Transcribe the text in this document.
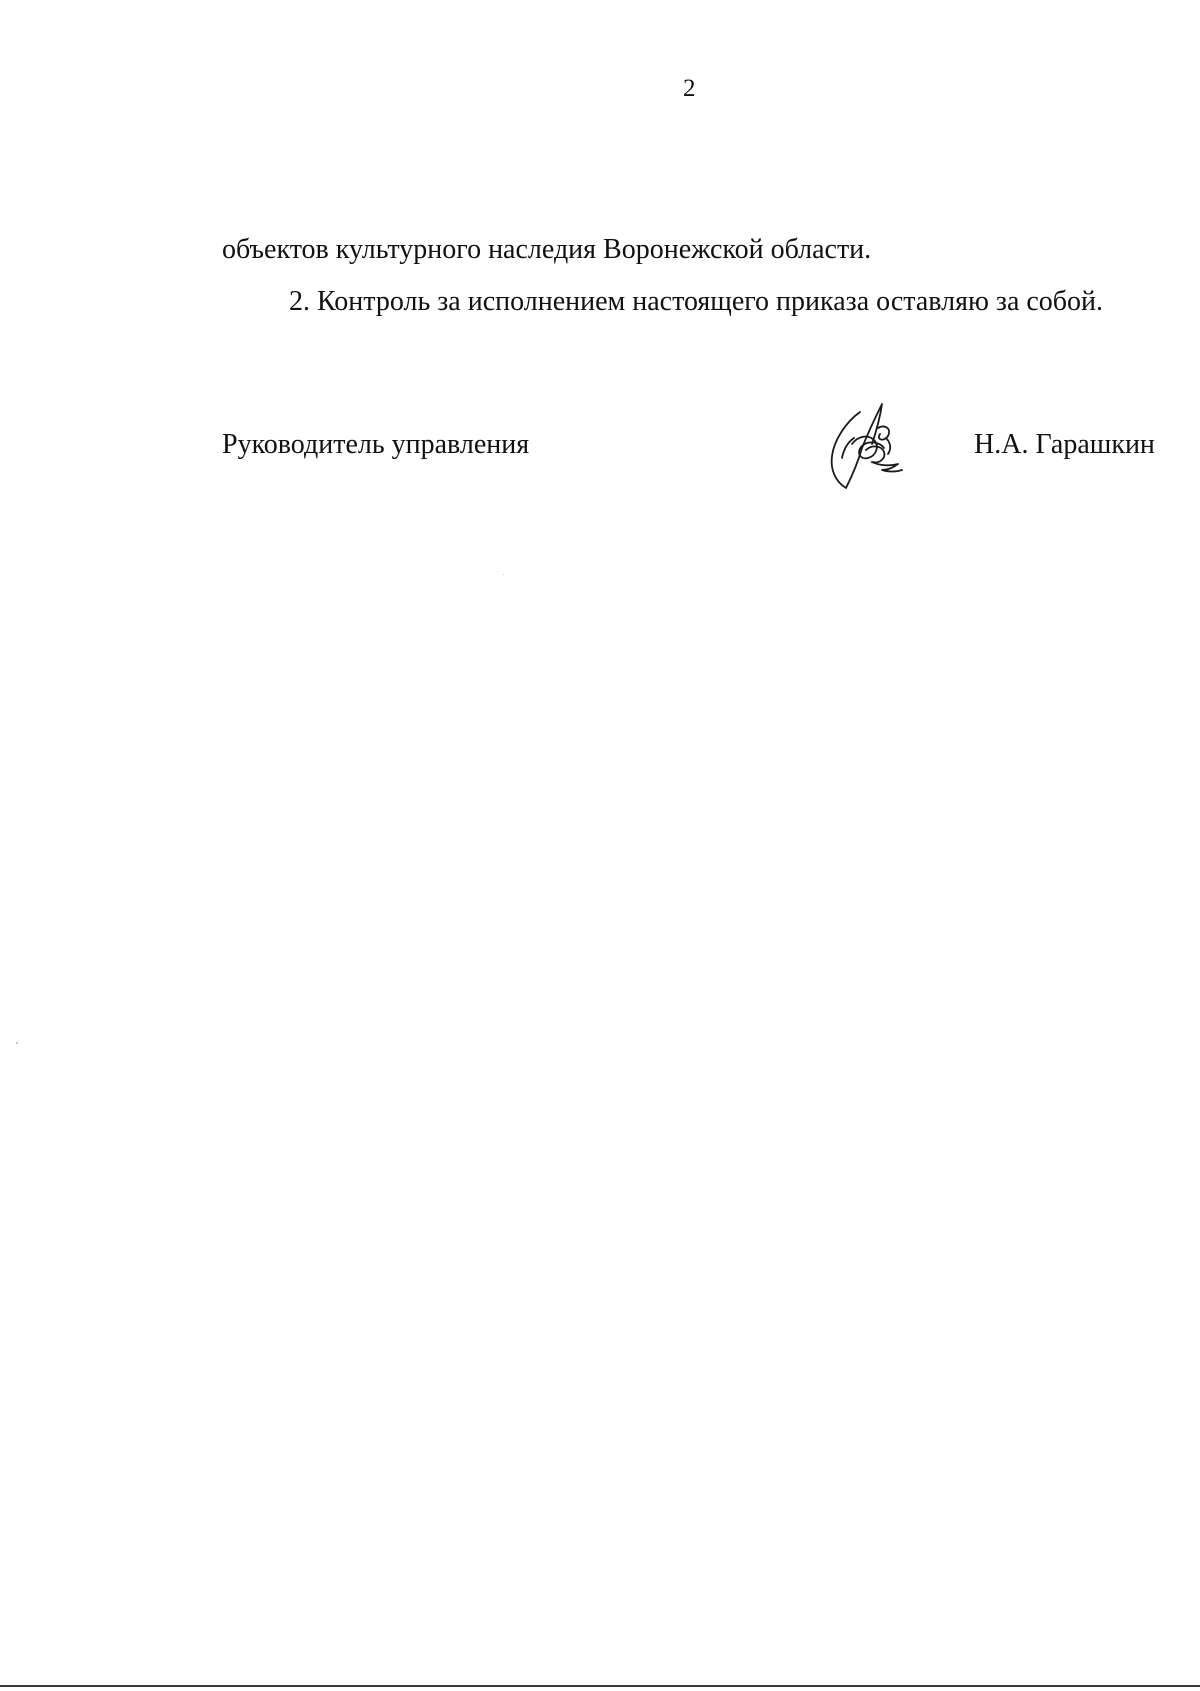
2
объектов культурного наследия Воронежской области.
2. Контроль за исполнением настоящего приказа оставляю за собой.
Руководитель управления	Н.А. Гарашкин
